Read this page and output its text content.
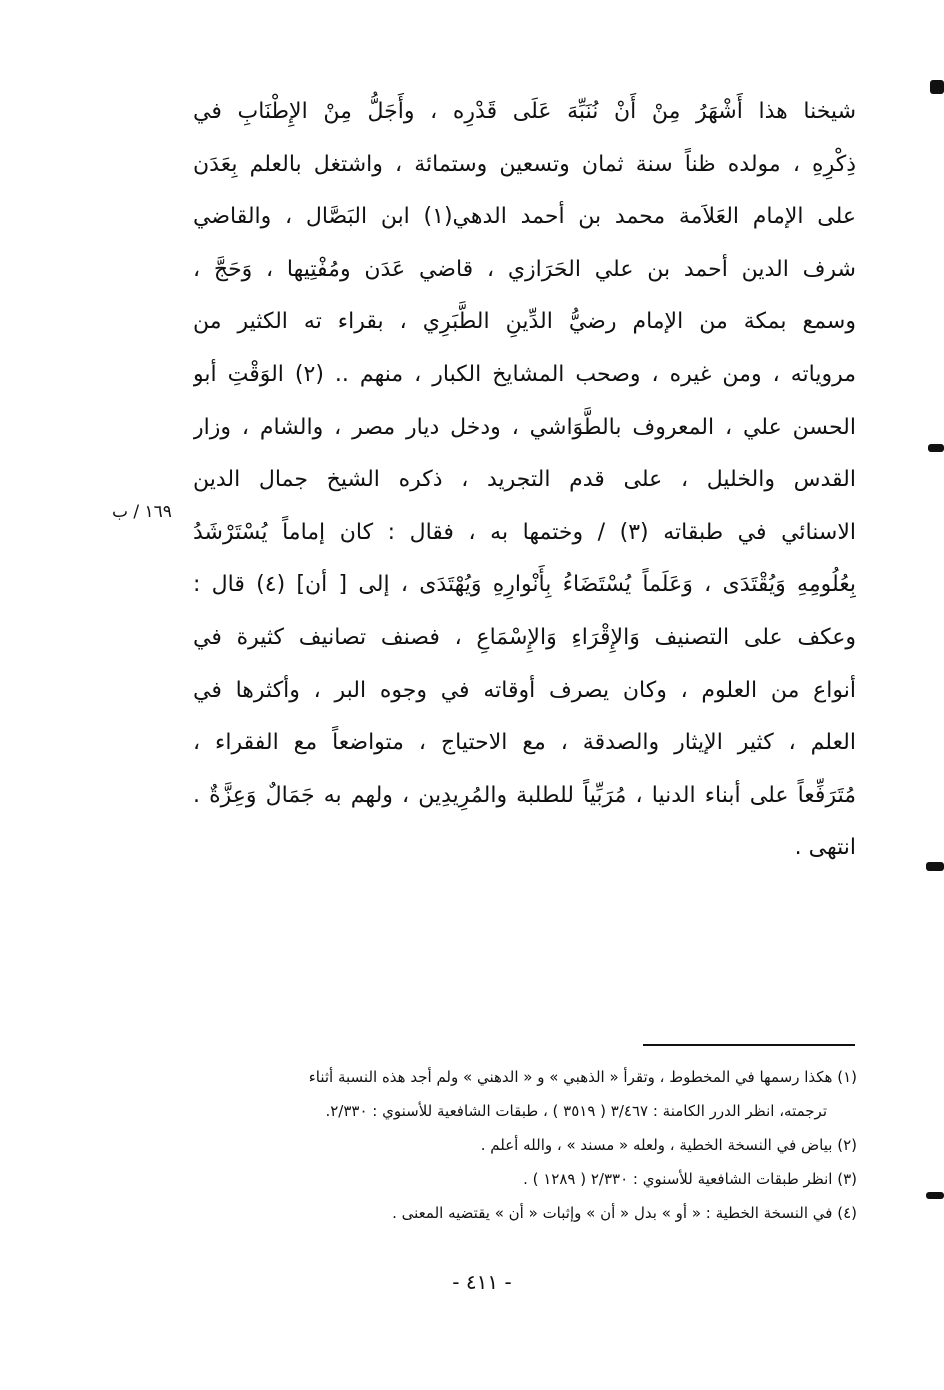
شيخنا هذا أَشْهَرُ مِنْ أَنْ نُنَبِّهَ عَلَى قَدْرِه ، وأَجَلُّ مِنْ الإِطْنَابِ في
ذِكْرِهِ ، مولده ظناً سنة ثمان وتسعين وستمائة ، واشتغل بالعلم بِعَدَن
على الإمام العَلاَمة محمد بن أحمد الدهي(١) ابن البَصَّال ، والقاضي
شرف الدين أحمد بن علي الحَرَازي ، قاضي عَدَن ومُفْتِيها ، وَحَجَّ ،
وسمع بمكة من الإمام رضيُّ الدِّينِ الطَّبَرِي ، بقراء ته الكثير من
مروياته ، ومن غيره ، وصحب المشايخ الكبار ، منهم .. (٢) الوَقْتِ أبو
الحسن علي ، المعروف بالطَّوَاشي ، ودخل ديار مصر ، والشام ، وزار
القدس والخليل ، على قدم التجريد ، ذكره الشيخ جمال الدين
الاسنائي في طبقاته (٣) / وختمها به ، فقال : كان إماماً يُسْتَرْشَدُ
بِعُلُومِهِ وَيُقْتَدَى ، وَعَلَماً يُسْتَضَاءُ بِأَنْوارِهِ وَيُهْتَدَى ، إلى [ أن] (٤) قال :
وعكف على التصنيف وَالإِقْرَاءِ وَالإِسْمَاعِ ، فصنف تصانيف كثيرة في
أنواع من العلوم ، وكان يصرف أوقاته في وجوه البر ، وأكثرها في
العلم ، كثير الإيثار والصدقة ، مع الاحتياج ، متواضعاً مع الفقراء ،
مُتَرَفِّعاً على أبناء الدنيا ، مُرَبِّياً للطلبة والمُرِيدِين ، ولهم به جَمَالٌ وَعِزَّةٌ .
انتهى .
١٦٩ / ب
(١) هكذا رسمها في المخطوط ، وتقرأ « الذهبي » و « الدهني » ولم أجد هذه النسبة أثناء
ترجمته، انظر الدرر الكامنة : ٣/٤٦٧ ( ٣٥١٩ ) ، طبقات الشافعية للأسنوي : ٢/٣٣٠.
(٢) بياض في النسخة الخطية ، ولعله « مسند » ، والله أعلم .
(٣) انظر طبقات الشافعية للأسنوي : ٢/٣٣٠ ( ١٢٨٩ ) .
(٤) في النسخة الخطية : « أو » بدل « أن » وإثبات « أن » يقتضيه المعنى .
- ٤١١ -
